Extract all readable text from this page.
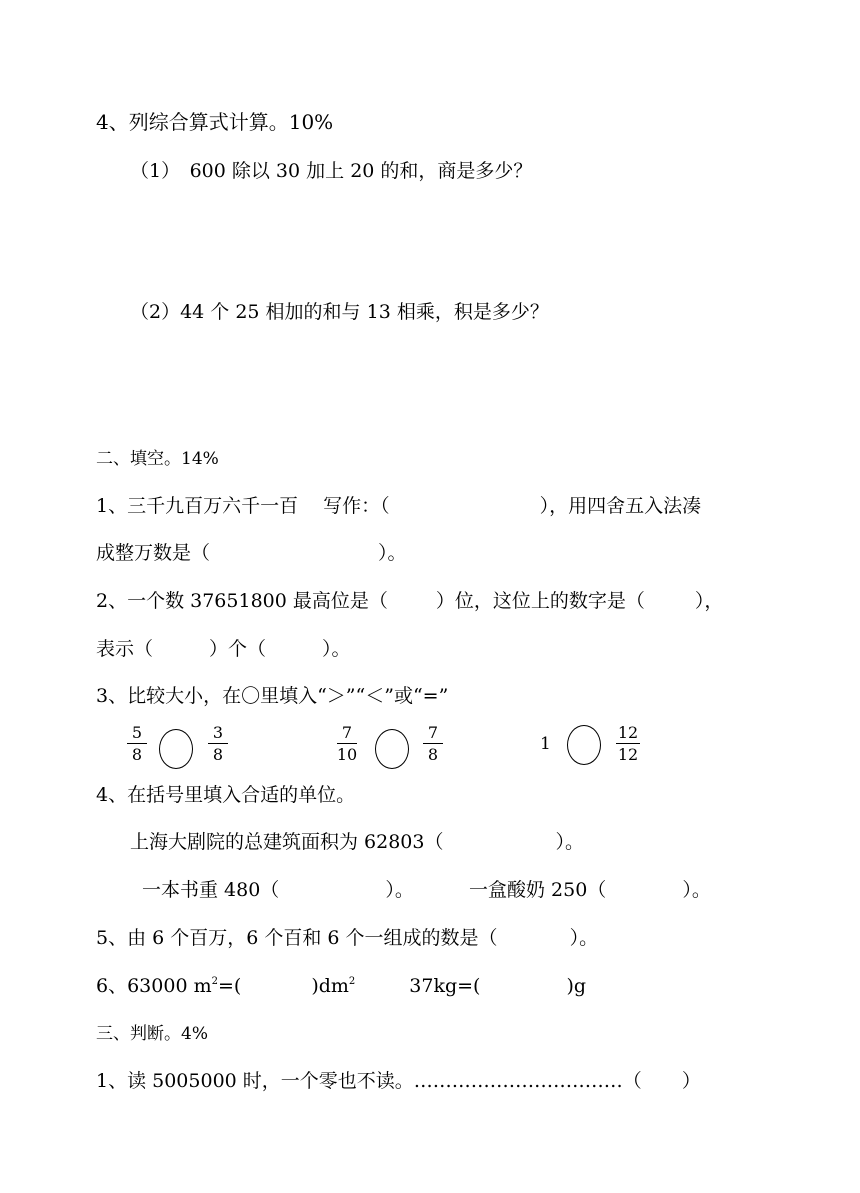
4、列综合算式计算。10%
（1）　600 除以 30 加上 20 的和，商是多少？
（2）44 个 25 相加的和与 13 相乘，积是多少？
二、填空。14%
1、三千九百万六千一百　 写作：（	），用四舍五入法凑
成整万数是（	）。
2、一个数 37651800 最高位是（	）位，这位上的数字是（	），
表示（	）个（	）。
3、比较大小，在〇里填入“＞”“＜”或“=”
5
8
3
8
7
10
7
8
1
12
12
4、在括号里填入合适的单位。
上海大剧院的总建筑面积为 62803（	）。
一本书重 480（	）。	一盒酸奶 250（	）。
5、由 6 个百万，6 个百和 6 个一组成的数是（	）。
6、63000 $m^2=$(	)$dm^2$	37kg=(	)g
三、判断。4%
1、读 5005000 时，一个零也不读。……………………………（ ）
